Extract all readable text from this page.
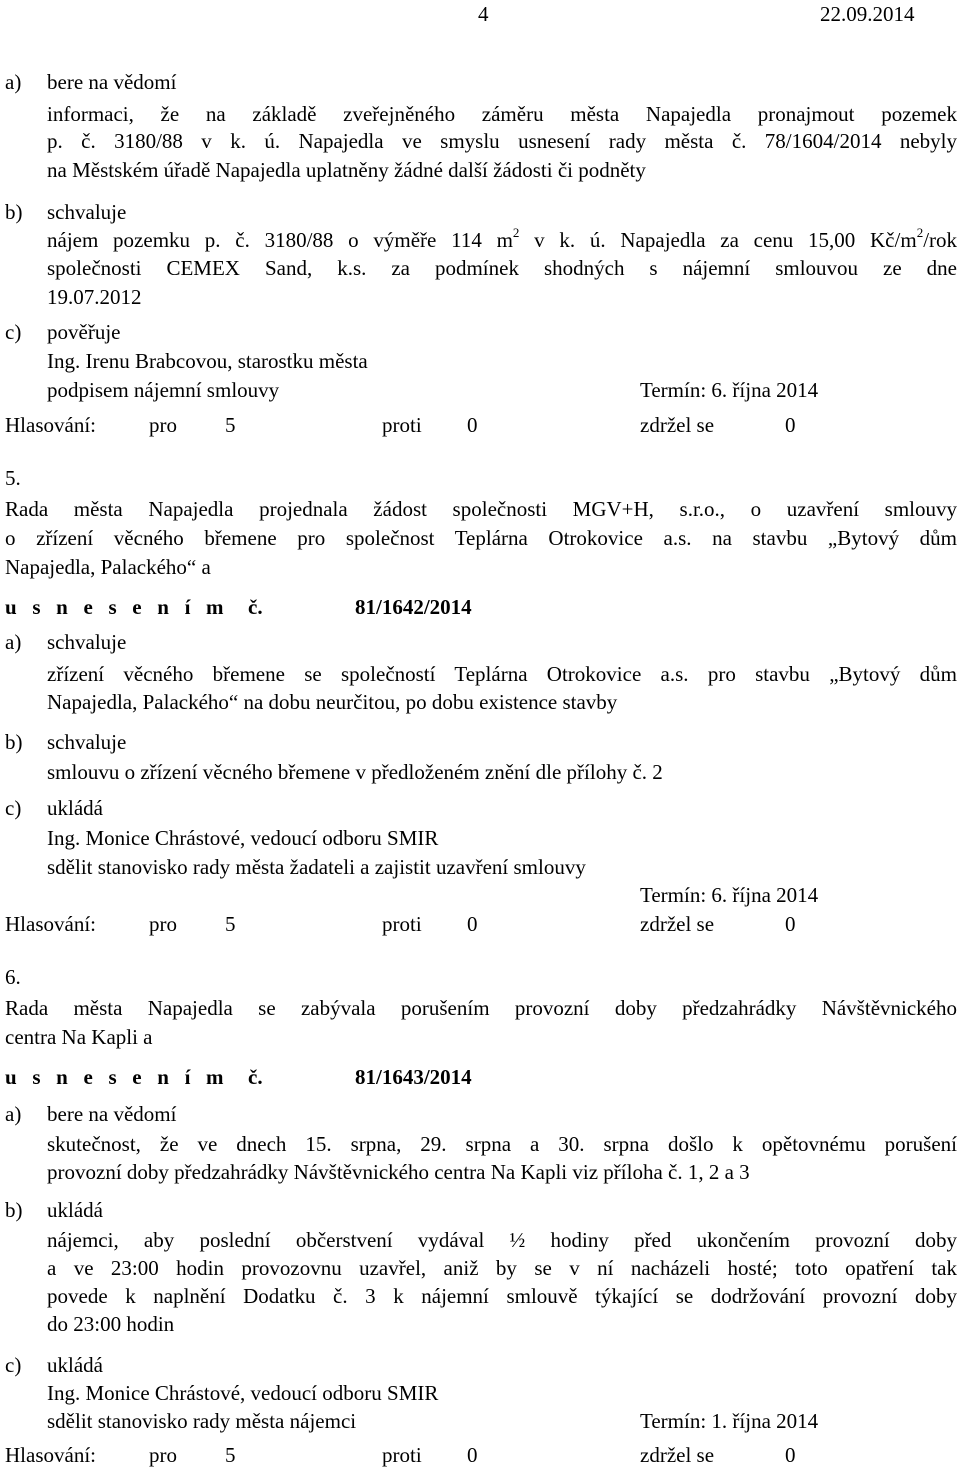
4	22.09.2014
a) bere na vědomí
informaci, že na základě zveřejněného záměru města Napajedla pronajmout pozemek
p. č. 3180/88 v k. ú. Napajedla ve smyslu usnesení rady města č. 78/1604/2014 nebyly
na Městském úřadě Napajedla uplatněny žádné další žádosti či podněty
b) schvaluje
nájem pozemku p. č. 3180/88 o výměře 114 $m^2$ v k. ú. Napajedla za cenu 15,00 $Kč/m^2$/rok
společnosti CEMEX Sand, k.s. za podmínek shodných s nájemní smlouvou ze dne
19.07.2012
c) pověřuje
Ing. Irenu Brabcovou, starostku města
podpisem nájemní smlouvy	Termín: 6. října 2014
Hlasování:	pro 5	proti 0	zdržel se	0
5.
Rada města Napajedla projednala žádost společnosti MGV+H, s.r.o., o uzavření smlouvy
o zřízení věcného břemene pro společnost Teplárna Otrokovice a.s. na stavbu „Bytový dům
Napajedla, Palackého“ a
u s n e s e n í m č.	81/1642/2014
a) schvaluje
zřízení věcného břemene se společností Teplárna Otrokovice a.s. pro stavbu „Bytový dům
Napajedla, Palackého“ na dobu neurčitou, po dobu existence stavby
b) schvaluje
smlouvu o zřízení věcného břemene v předloženém znění dle přílohy č. 2
c) ukládá
Ing. Monice Chrástové, vedoucí odboru SMIR
sdělit stanovisko rady města žadateli a zajistit uzavření smlouvy
Termín: 6. října 2014
Hlasování:	pro 5	proti 0	zdržel se	0
6.
Rada města Napajedla se zabývala porušením provozní doby předzahrádky Návštěvnického
centra Na Kapli a
u s n e s e n í m č.	81/1643/2014
a) bere na vědomí
skutečnost, že ve dnech 15. srpna, 29. srpna a 30. srpna došlo k opětovnému porušení
provozní doby předzahrádky Návštěvnického centra Na Kapli viz příloha č. 1, 2 a 3
b) ukládá
nájemci, aby poslední občerstvení vydával ½ hodiny před ukončením provozní doby
a ve 23:00 hodin provozovnu uzavřel, aniž by se v ní nacházeli hosté; toto opatření tak
povede k naplnění Dodatku č. 3 k nájemní smlouvě týkající se dodržování provozní doby
do 23:00 hodin
c) ukládá
Ing. Monice Chrástové, vedoucí odboru SMIR
sdělit stanovisko rady města nájemci	Termín: 1. října 2014
Hlasování:	pro 5	proti 0	zdržel se	0
